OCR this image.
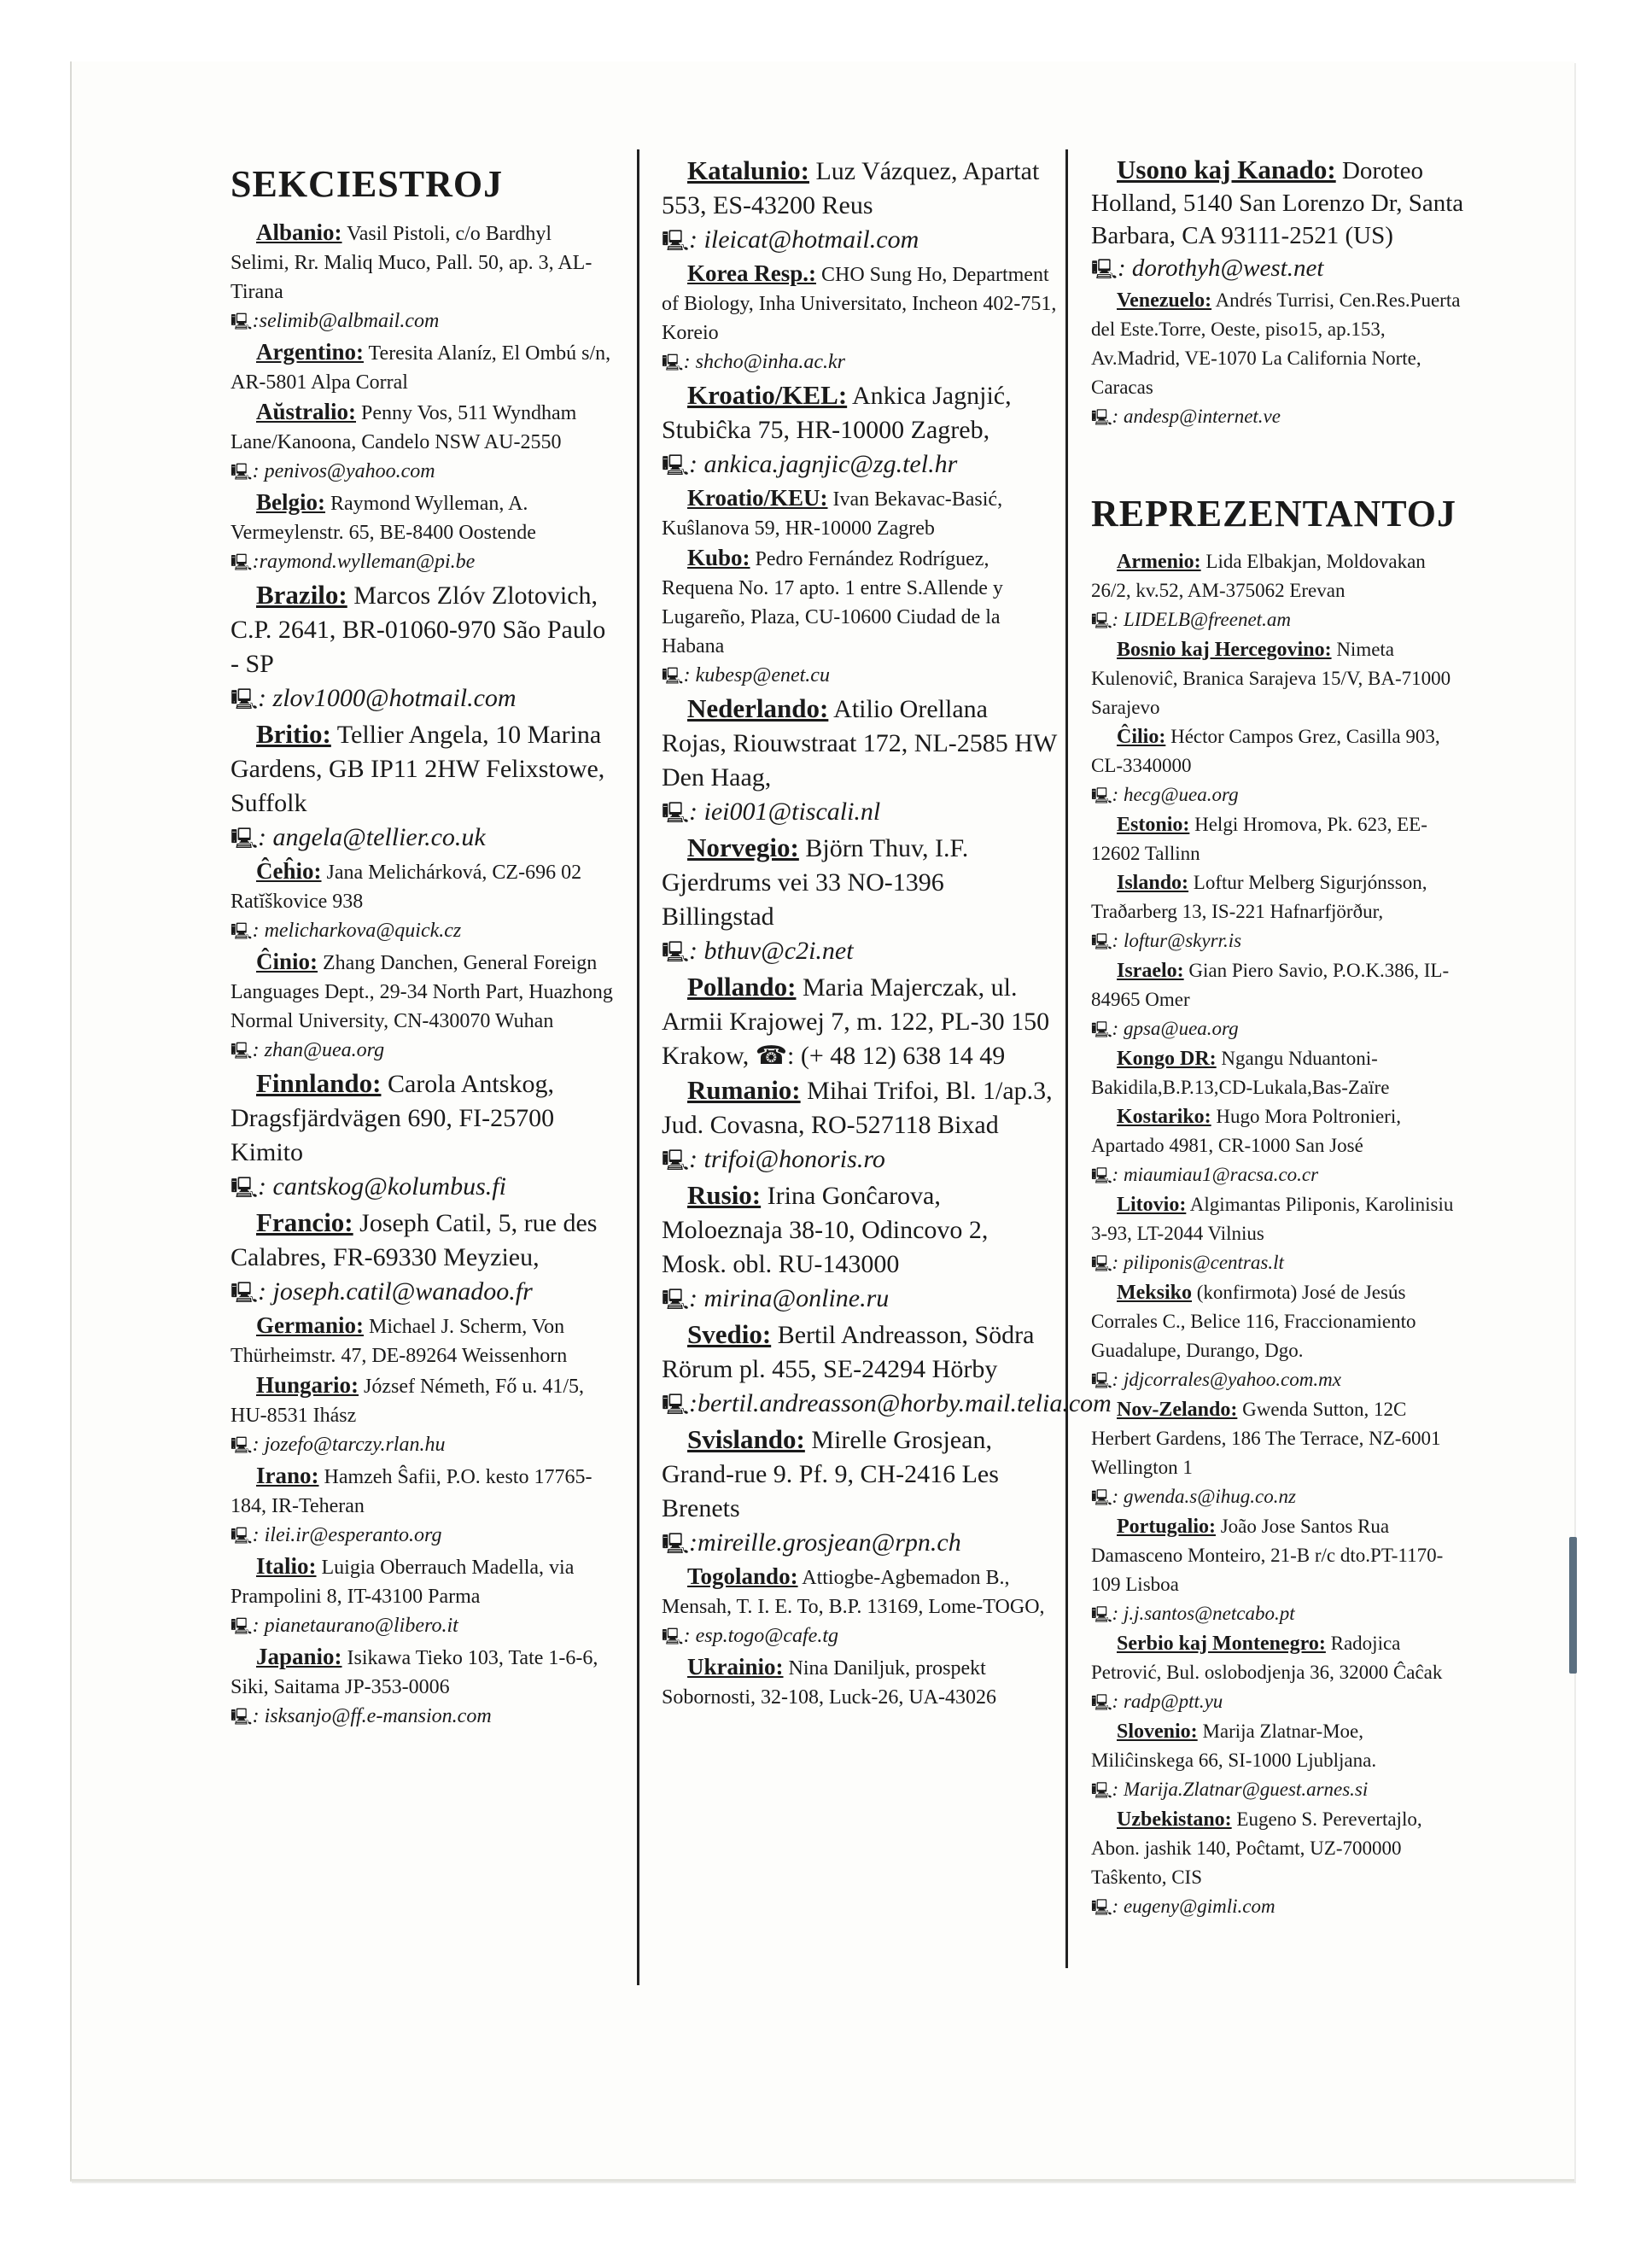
SEKCIESTROJ

Albanio: Vasil Pistoli, c/o Bardhyl Selimi, Rr. Maliq Muco, Pall. 50, ap. 3, AL-Tirana
🖳:selimib@albmail.com

Argentino: Teresita Alaníz, El Ombú s/n, AR-5801 Alpa Corral

Aŭstralio: Penny Vos, 511 Wyndham Lane/Kanoona, Candelo NSW AU-2550
🖳: penivos@yahoo.com

Belgio: Raymond Wylleman, A. Vermeylenstr. 65, BE-8400 Oostende
🖳:raymond.wylleman@pi.be

Brazilo: Marcos Zlóv Zlotovich, C.P. 2641, BR-01060-970 São Paulo - SP
🖳: zlov1000@hotmail.com

Britio: Tellier Angela, 10 Marina Gardens, GB IP11 2HW Felixstowe, Suffolk
🖳: angela@tellier.co.uk

Ĉeĥio: Jana Melichárková, CZ-696 02 Ratĭškovice 938
🖳: melicharkova@quick.cz

Ĉinio: Zhang Danchen, General Foreign Languages Dept., 29-34 North Part, Huazhong Normal University, CN-430070 Wuhan
🖳: zhan@uea.org

Finnlando: Carola Antskog, Dragsfjärdvägen 690, FI-25700 Kimito
🖳: cantskog@kolumbus.fi

Francio: Joseph Catil, 5, rue des Calabres, FR-69330 Meyzieu,
🖳: joseph.catil@wanadoo.fr

Germanio: Michael J. Scherm, Von Thürheimstr. 47, DE-89264 Weissenhorn

Hungario: József Németh, Fő u. 41/5, HU-8531 Ihász
🖳: jozefo@tarczy.rlan.hu

Irano: Hamzeh Ŝafii, P.O. kesto 17765-184, IR-Teheran
🖳: ilei.ir@esperanto.org

Italio: Luigia Oberrauch Madella, via Prampolini 8, IT-43100 Parma
🖳: pianetaurano@libero.it

Japanio: Isikawa Tieko 103, Tate 1-6-6, Siki, Saitama JP-353-0006
🖳: isksanjo@ff.e-mansion.com

Katalunio: Luz Vázquez, Apartat 553, ES-43200 Reus
🖳: ileicat@hotmail.com

Korea Resp.: CHO Sung Ho, Department of Biology, Inha Universitato, Incheon 402-751, Koreio
🖳: shcho@inha.ac.kr

Kroatio/KEL: Ankica Jagnjić, Stubiĉka 75, HR-10000 Zagreb,
🖳: ankica.jagnjic@zg.tel.hr

Kroatio/KEU: Ivan Bekavac-Basić, Kuŝlanova 59, HR-10000 Zagreb

Kubo: Pedro Fernández Rodríguez, Requena No. 17 apto. 1 entre S.Allende y Lugareño, Plaza, CU-10600 Ciudad de la Habana
🖳: kubesp@enet.cu

Nederlando: Atilio Orellana Rojas, Riouwstraat 172, NL-2585 HW Den Haag,
🖳: iei001@tiscali.nl

Norvegio: Björn Thuv, I.F. Gjerdrums vei 33 NO-1396 Billingstad
🖳: bthuv@c2i.net

Pollando: Maria Majerczak, ul. Armii Krajowej 7, m. 122, PL-30 150 Krakow, ☎: (+ 48 12) 638 14 49

Rumanio: Mihai Trifoi, Bl. 1/ap.3, Jud. Covasna, RO-527118 Bixad
🖳: trifoi@honoris.ro

Rusio: Irina Gonĉarova, Moloeznaja 38-10, Odincovo 2, Mosk. obl. RU-143000
🖳: mirina@online.ru

Svedio: Bertil Andreasson, Södra Rörum pl. 455, SE-24294 Hörby
🖳:bertil.andreasson@horby.mail.telia.com

Svislando: Mirelle Grosjean, Grand-rue 9. Pf. 9, CH-2416 Les Brenets
🖳:mireille.grosjean@rpn.ch

Togolando: Attiogbe-Agbemadon B., Mensah, T. I. E. To, B.P. 13169, Lome-TOGO,
🖳: esp.togo@cafe.tg

Ukrainio: Nina Daniljuk, prospekt Sobornosti, 32-108, Luck-26, UA-43026

Usono kaj Kanado: Doroteo Holland, 5140 San Lorenzo Dr, Santa Barbara, CA 93111-2521 (US)
🖳: dorothyh@west.net

Venezuelo: Andrés Turrisi, Cen.Res.Puerta del Este.Torre, Oeste, piso15, ap.153, Av.Madrid, VE-1070 La California Norte, Caracas
🖳: andesp@internet.ve

REPREZENTANTOJ

Armenio: Lida Elbakjan, Moldovakan 26/2, kv.52, AM-375062 Erevan
🖳: LIDELB@freenet.am

Bosnio kaj Hercegovino: Nimeta Kulenoviĉ, Branica Sarajeva 15/V, BA-71000 Sarajevo

Ĉilio: Héctor Campos Grez, Casilla 903, CL-3340000
🖳: hecg@uea.org

Estonio: Helgi Hromova, Pk. 623, EE-12602 Tallinn

Islando: Loftur Melberg Sigurjónsson, Traðarberg 13, IS-221 Hafnarfjörður,
🖳: loftur@skyrr.is

Israelo: Gian Piero Savio, P.O.K.386, IL-84965 Omer
🖳: gpsa@uea.org

Kongo DR: Ngangu Nduantoni-Bakidila,B.P.13,CD-Lukala,Bas-Zaïre

Kostariko: Hugo Mora Poltronieri, Apartado 4981, CR-1000 San José
🖳: miaumiau1@racsa.co.cr

Litovio: Algimantas Piliponis, Karolinisiu 3-93, LT-2044 Vilnius
🖳: piliponis@centras.lt

Meksiko (konfirmota) José de Jesús Corrales C., Belice 116, Fraccionamiento Guadalupe, Durango, Dgo.
🖳: jdjcorrales@yahoo.com.mx

Nov-Zelando: Gwenda Sutton, 12C Herbert Gardens, 186 The Terrace, NZ-6001 Wellington 1
🖳: gwenda.s@ihug.co.nz

Portugalio: João Jose Santos Rua Damasceno Monteiro, 21-B r/c dto.PT-1170-109 Lisboa
🖳: j.j.santos@netcabo.pt

Serbio kaj Montenegro: Radojica Petrović, Bul. oslobodjenja 36, 32000 Ĉaĉak
🖳: radp@ptt.yu

Slovenio: Marija Zlatnar-Moe, Miliĉinskega 66, SI-1000 Ljubljana.
🖳: Marija.Zlatnar@guest.arnes.si

Uzbekistano: Eugeno S. Perevertajlo, Abon. jashik 140, Poĉtamt, UZ-700000 Taŝkento, CIS
🖳: eugeny@gimli.com
